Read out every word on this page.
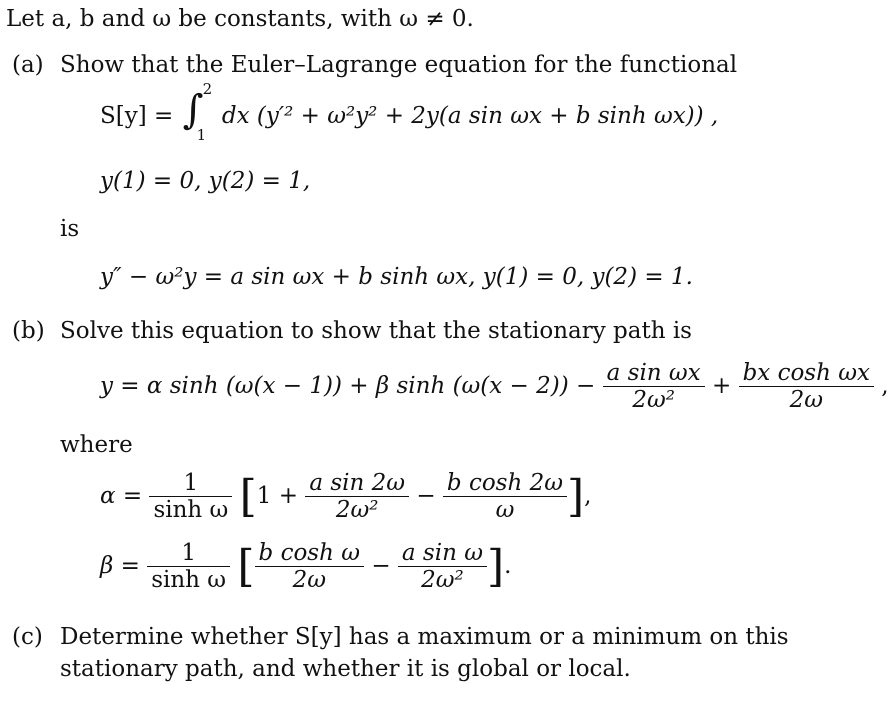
Let a, b and ω be constants, with ω ≠ 0.
(a) Show that the Euler–Lagrange equation for the functional
S[y] = ∫ 2
1
dx (y′² + ω²y² + 2y(a sin ωx + b sinh ωx)) ,
y(1) = 0, y(2) = 1,
is
y″ − ω²y = a sin ωx + b sinh ωx, y(1) = 0, y(2) = 1.
(b) Solve this equation to show that the stationary path is
y = α sinh (ω(x − 1)) + β $\sinh (\omega(x - 2)) - \frac{\text{a sin ωx}}{\text{2ω²}} + \frac{\text{bx cosh ωx}}{2\omega}$ ,
where
$\alpha = \frac{1}{\text{sinh ω}} [1 + \frac{\text{a sin 2ω}}{\text{2ω²}} - \frac{\text{b cosh 2ω}}{\omega}$ ],
$\beta = \frac{1}{\text{sinh ω}}$ [ $\frac{\text{b cosh ω}}{2\omega} - \frac{\text{a sin ω}}{\text{2ω²}}$ ].
(c) Determine whether S[y] has a maximum or a minimum on this
stationary path, and whether it is global or local.
